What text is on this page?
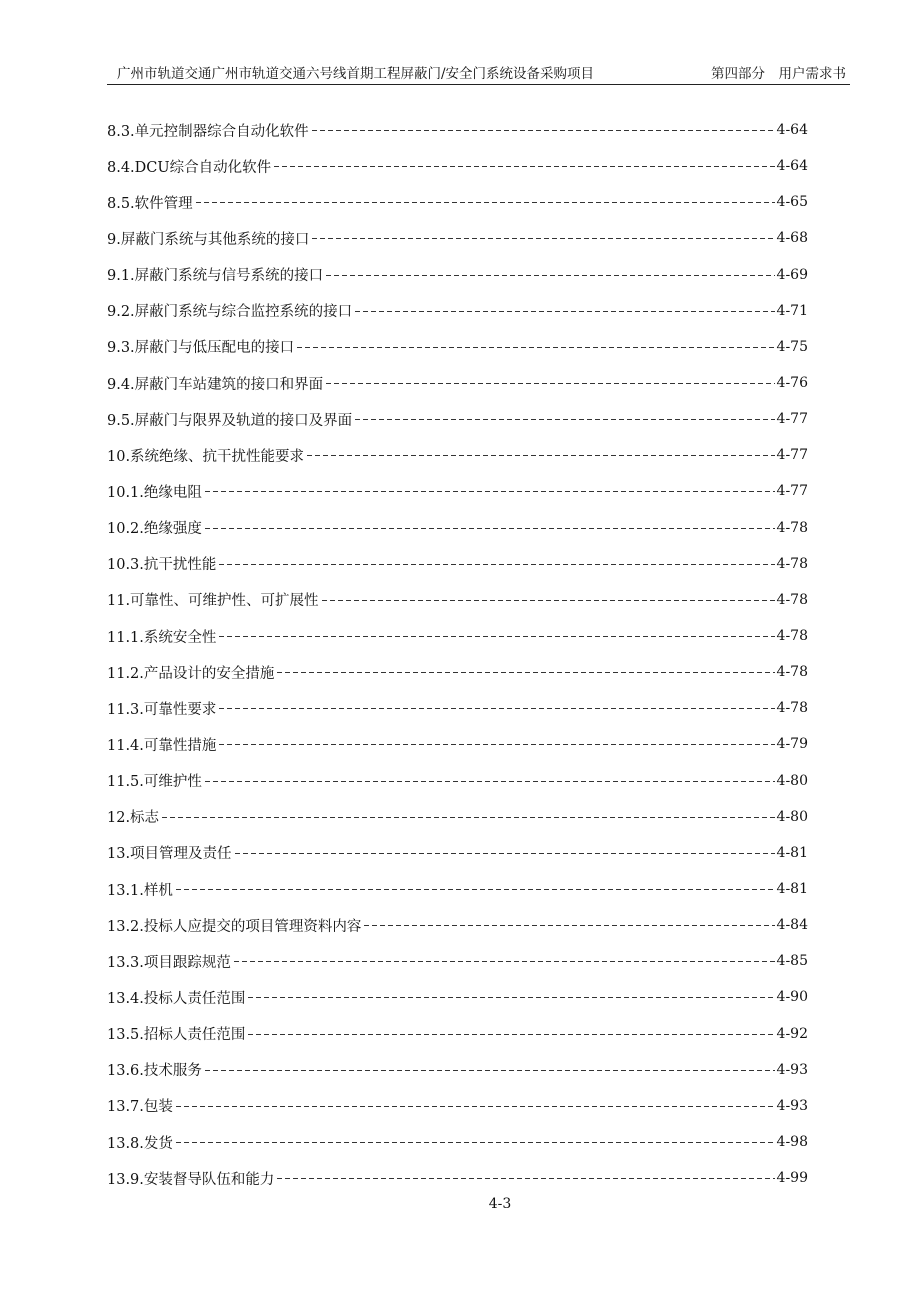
广州市轨道交通广州市轨道交通六号线首期工程屏蔽门/安全门系统设备采购项目	第四部分　用户需求书
8.3.单元控制器综合自动化软件	4-64
8.4.DCU综合自动化软件	4-64
8.5.软件管理	4-65
9.屏蔽门系统与其他系统的接口	4-68
9.1.屏蔽门系统与信号系统的接口	4-69
9.2.屏蔽门系统与综合监控系统的接口	4-71
9.3.屏蔽门与低压配电的接口	4-75
9.4.屏蔽门车站建筑的接口和界面	4-76
9.5.屏蔽门与限界及轨道的接口及界面	4-77
10.系统绝缘、抗干扰性能要求	4-77
10.1.绝缘电阻	4-77
10.2.绝缘强度	4-78
10.3.抗干扰性能	4-78
11.可靠性、可维护性、可扩展性	4-78
11.1.系统安全性	4-78
11.2.产品设计的安全措施	4-78
11.3.可靠性要求	4-78
11.4.可靠性措施	4-79
11.5.可维护性	4-80
12.标志	4-80
13.项目管理及责任	4-81
13.1.样机	4-81
13.2.投标人应提交的项目管理资料内容	4-84
13.3.项目跟踪规范	4-85
13.4.投标人责任范围	4-90
13.5.招标人责任范围	4-92
13.6.技术服务	4-93
13.7.包装	4-93
13.8.发货	4-98
13.9.安装督导队伍和能力	4-99
4-3
